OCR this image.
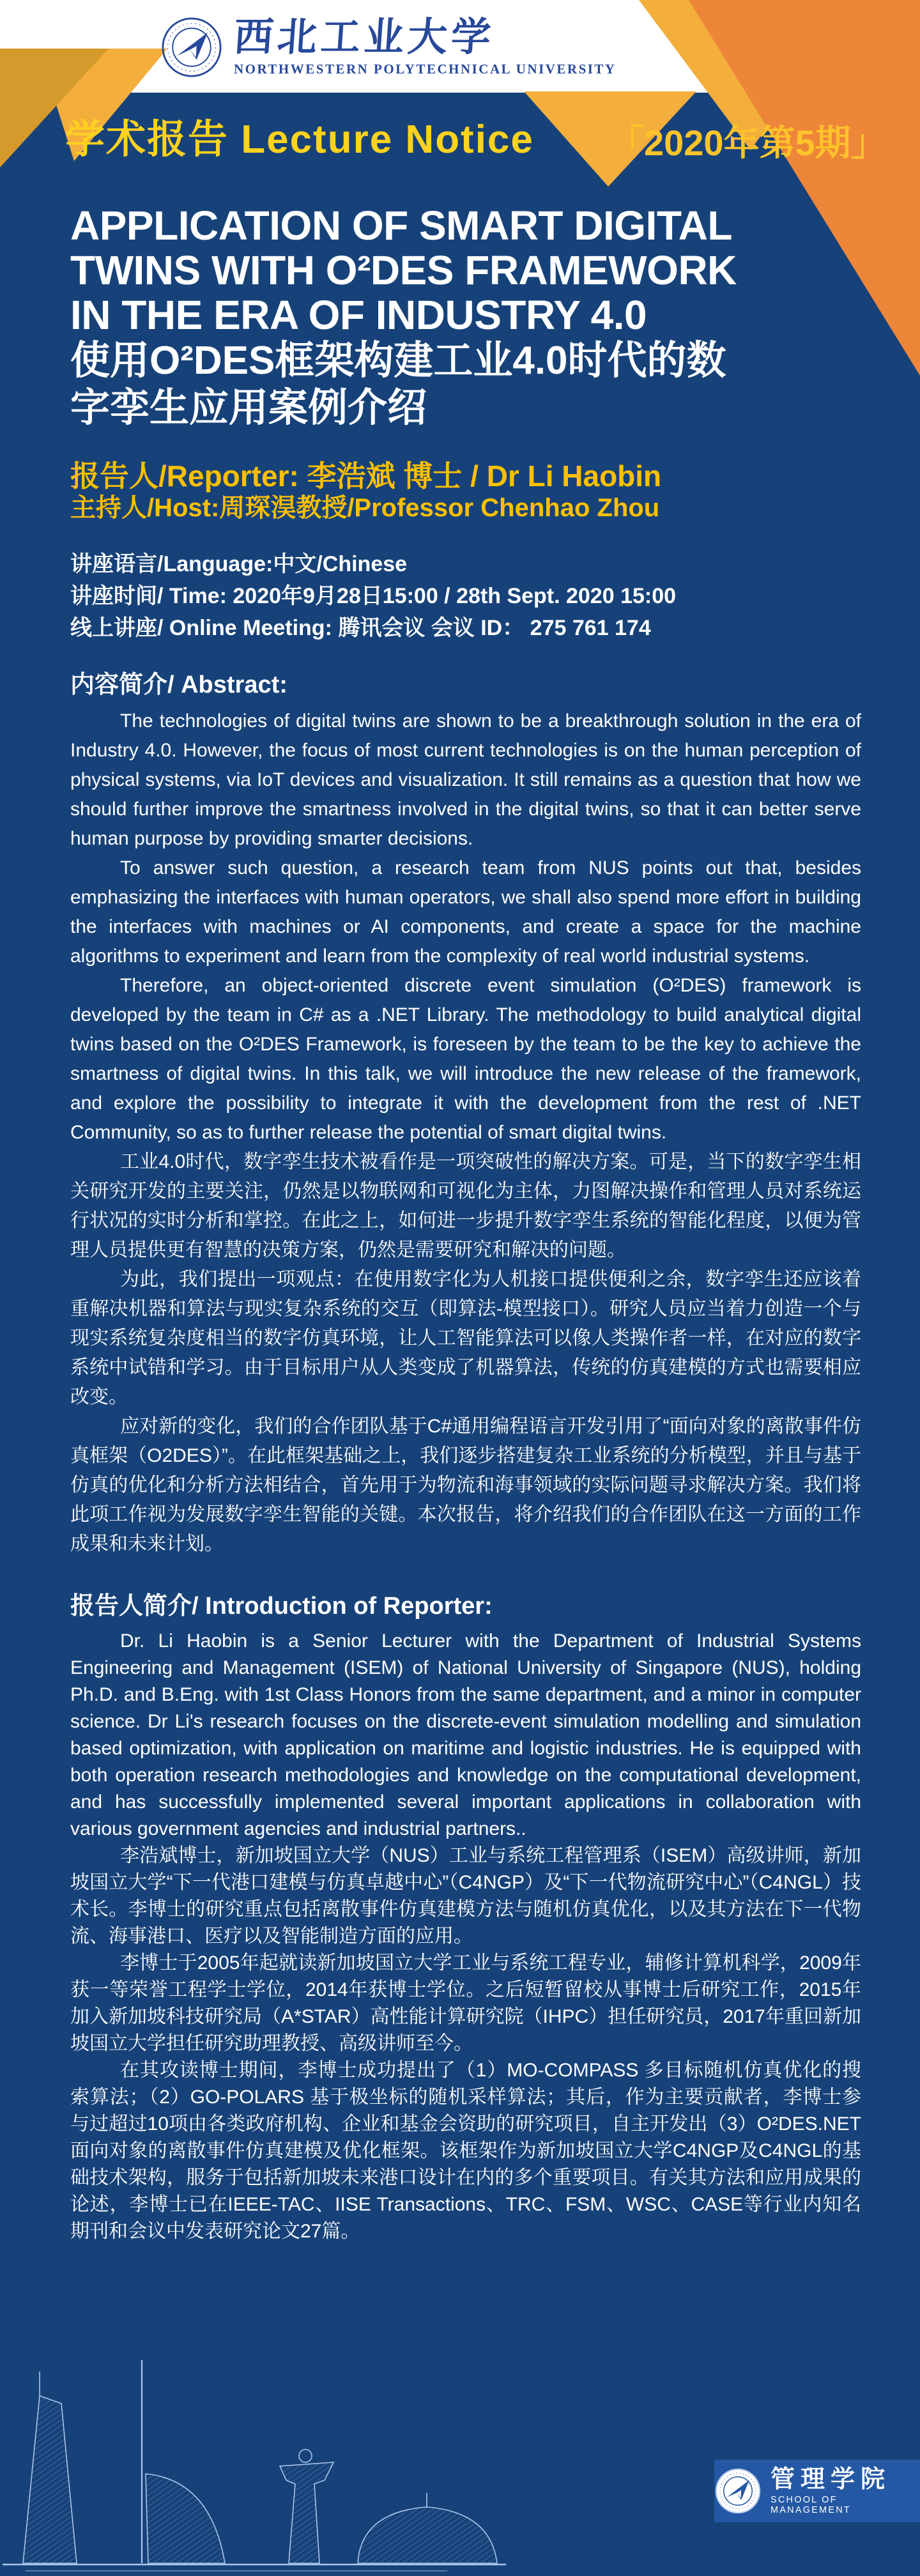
西北工业大学
NORTHWESTERN POLYTECHNICAL UNIVERSITY
学术报告 Lecture Notice 「2020年第5期」
APPLICATION OF SMART DIGITAL
TWINS WITH O²DES FRAMEWORK
IN THE ERA OF INDUSTRY 4.0
使用O²DES框架构建工业4.0时代的数
字孪生应用案例介绍
报告人/Reporter: 李浩斌 博士 / Dr Li Haobin
主持人/Host:周琛淏教授/Professor Chenhao Zhou
讲座语言/Language:中文/Chinese
讲座时间/ Time: 2020年9月28日15:00 / 28th Sept. 2020 15:00
线上讲座/ Online Meeting: 腾讯会议 会议 ID： 275 761 174
内容简介/ Abstract:

The technologies of digital twins are shown to be a breakthrough solution in the era of Industry 4.0. However, the focus of most current technologies is on the human perception of physical systems, via IoT devices and visualization. It still remains as a question that how we should further improve the smartness involved in the digital twins, so that it can better serve human purpose by providing smarter decisions.

To answer such question, a research team from NUS points out that, besides emphasizing the interfaces with human operators, we shall also spend more effort in building the interfaces with machines or AI components, and create a space for the machine algorithms to experiment and learn from the complexity of real world industrial systems.

Therefore, an object-oriented discrete event simulation (O²DES) framework is developed by the team in C# as a .NET Library. The methodology to build analytical digital twins based on the O²DES Framework, is foreseen by the team to be the key to achieve the smartness of digital twins. In this talk, we will introduce the new release of the framework, and explore the possibility to integrate it with the development from the rest of .NET Community, so as to further release the potential of smart digital twins.

工业4.0时代，数字孪生技术被看作是一项突破性的解决方案。可是，当下的数字孪生相关研究开发的主要关注，仍然是以物联网和可视化为主体，力图解决操作和管理人员对系统运行状况的实时分析和掌控。在此之上，如何进一步提升数字孪生系统的智能化程度，以便为管理人员提供更有智慧的决策方案，仍然是需要研究和解决的问题。

为此，我们提出一项观点：在使用数字化为人机接口提供便利之余，数字孪生还应该着重解决机器和算法与现实复杂系统的交互（即算法-模型接口）。研究人员应当着力创造一个与现实系统复杂度相当的数字仿真环境，让人工智能算法可以像人类操作者一样，在对应的数字系统中试错和学习。由于目标用户从人类变成了机器算法，传统的仿真建模的方式也需要相应改变。

应对新的变化，我们的合作团队基于C#通用编程语言开发引用了“面向对象的离散事件仿真框架（O2DES）”。在此框架基础之上，我们逐步搭建复杂工业系统的分析模型，并且与基于仿真的优化和分析方法相结合，首先用于为物流和海事领域的实际问题寻求解决方案。我们将此项工作视为发展数字孪生智能的关键。本次报告，将介绍我们的合作团队在这一方面的工作成果和未来计划。

报告人简介/ Introduction of Reporter:

Dr. Li Haobin is a Senior Lecturer with the Department of Industrial Systems Engineering and Management (ISEM) of National University of Singapore (NUS), holding Ph.D. and B.Eng. with 1st Class Honors from the same department, and a minor in computer science. Dr Li's research focuses on the discrete-event simulation modelling and simulation based optimization, with application on maritime and logistic industries. He is equipped with both operation research methodologies and knowledge on the computational development, and has successfully implemented several important applications in collaboration with various government agencies and industrial partners..

李浩斌博士，新加坡国立大学（NUS）工业与系统工程管理系（ISEM）高级讲师，新加坡国立大学“下一代港口建模与仿真卓越中心”（C4NGP）及“下一代物流研究中心”（C4NGL）技术长。李博士的研究重点包括离散事件仿真建模方法与随机仿真优化，以及其方法在下一代物流、海事港口、医疗以及智能制造方面的应用。

李博士于2005年起就读新加坡国立大学工业与系统工程专业，辅修计算机科学，2009年获一等荣誉工程学士学位，2014年获博士学位。之后短暂留校从事博士后研究工作，2015年加入新加坡科技研究局（A*STAR）高性能计算研究院（IHPC）担任研究员，2017年重回新加坡国立大学担任研究助理教授、高级讲师至今。

在其攻读博士期间，李博士成功提出了（1）MO-COMPASS 多目标随机仿真优化的搜索算法；（2）GO-POLARS 基于极坐标的随机采样算法；其后，作为主要贡献者，李博士参与过超过10项由各类政府机构、企业和基金会资助的研究项目，自主开发出（3）O²DES.NET 面向对象的离散事件仿真建模及优化框架。该框架作为新加坡国立大学C4NGP及C4NGL的基础技术架构，服务于包括新加坡未来港口设计在内的多个重要项目。有关其方法和应用成果的论述，李博士已在IEEE-TAC、IISE Transactions、TRC、FSM、WSC、CASE等行业内知名期刊和会议中发表研究论文27篇。

管理学院
SCHOOL OF MANAGEMENT
